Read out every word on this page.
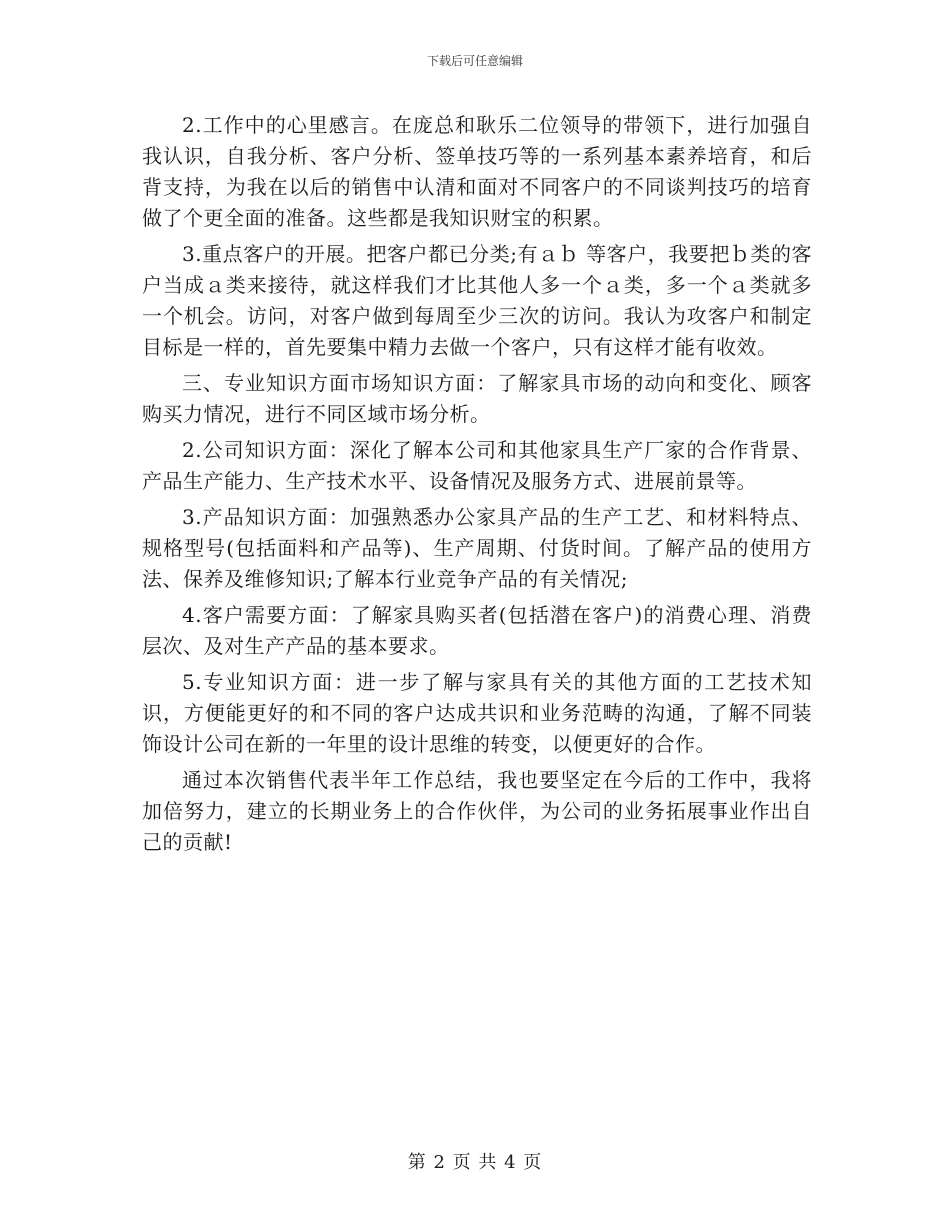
下载后可任意编辑

2.工作中的心里感言。在庞总和耿乐二位领导的带领下，进行加强自我认识，自我分析、客户分析、签单技巧等的一系列基本素养培育，和后背支持，为我在以后的销售中认清和面对不同客户的不同谈判技巧的培育做了个更全面的准备。这些都是我知识财宝的积累。

3.重点客户的开展。把客户都已分类;有ａｂ 等客户，我要把ｂ类的客户当成ａ类来接待，就这样我们才比其他人多一个ａ类，多一个ａ类就多一个机会。访问，对客户做到每周至少三次的访问。我认为攻客户和制定目标是一样的，首先要集中精力去做一个客户，只有这样才能有收效。

三、专业知识方面市场知识方面：了解家具市场的动向和变化、顾客购买力情况，进行不同区域市场分析。

2.公司知识方面：深化了解本公司和其他家具生产厂家的合作背景、产品生产能力、生产技术水平、设备情况及服务方式、进展前景等。

3.产品知识方面：加强熟悉办公家具产品的生产工艺、和材料特点、规格型号(包括面料和产品等)、生产周期、付货时间。了解产品的使用方法、保养及维修知识;了解本行业竞争产品的有关情况;

4.客户需要方面：了解家具购买者(包括潜在客户)的消费心理、消费层次、及对生产产品的基本要求。

5.专业知识方面：进一步了解与家具有关的其他方面的工艺技术知识，方便能更好的和不同的客户达成共识和业务范畴的沟通，了解不同装饰设计公司在新的一年里的设计思维的转变，以便更好的合作。

通过本次销售代表半年工作总结，我也要坚定在今后的工作中，我将加倍努力，建立的长期业务上的合作伙伴，为公司的业务拓展事业作出自己的贡献!

第 2 页 共 4 页
